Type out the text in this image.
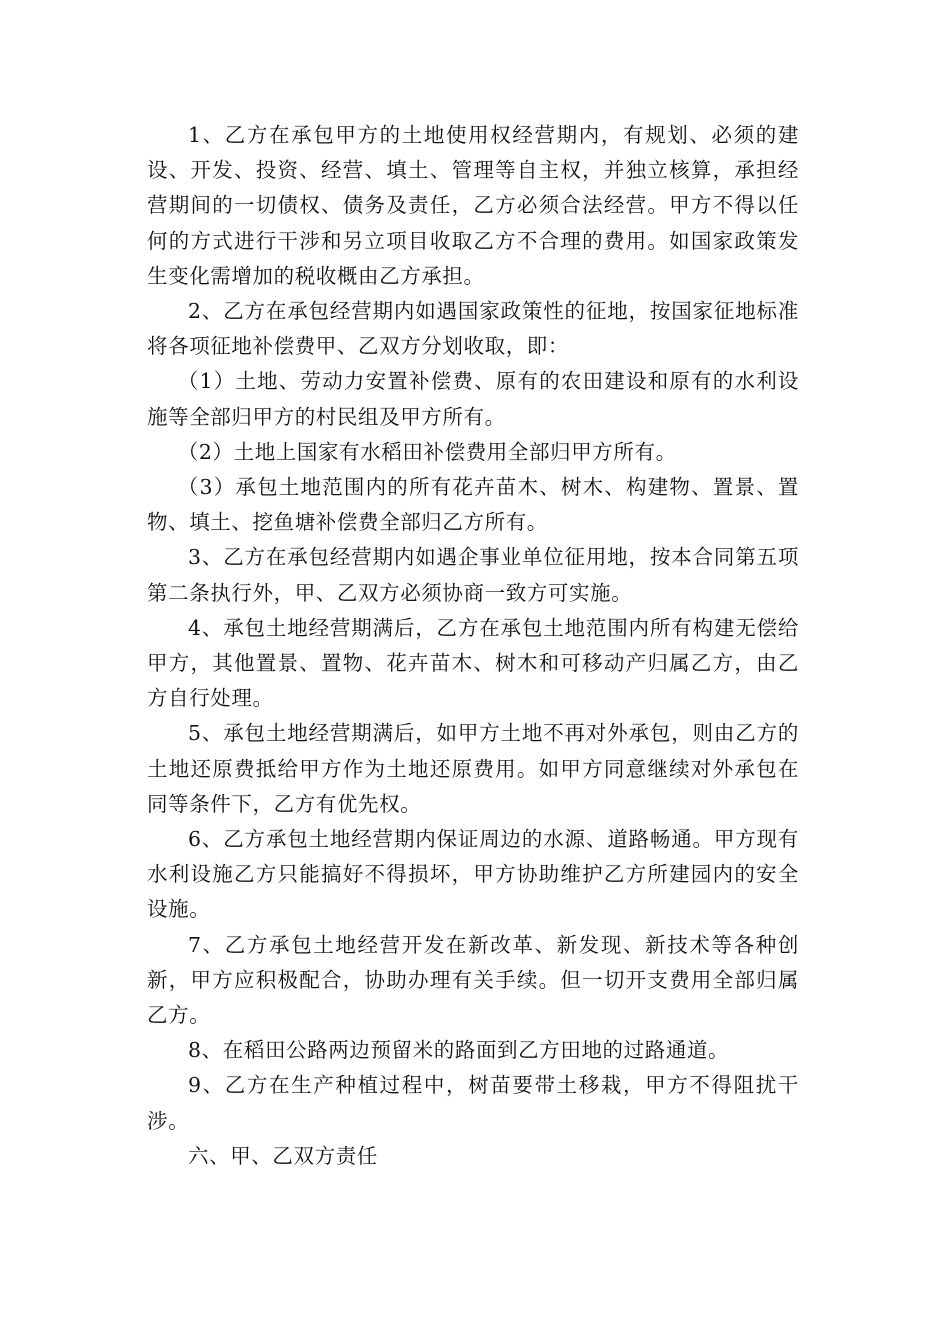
1、乙方在承包甲方的土地使用权经营期内，有规划、必须的建设、开发、投资、经营、填土、管理等自主权，并独立核算，承担经营期间的一切债权、债务及责任，乙方必须合法经营。甲方不得以任何的方式进行干涉和另立项目收取乙方不合理的费用。如国家政策发生变化需增加的税收概由乙方承担。

2、乙方在承包经营期内如遇国家政策性的征地，按国家征地标准将各项征地补偿费甲、乙双方分划收取，即：

（1）土地、劳动力安置补偿费、原有的农田建设和原有的水利设施等全部归甲方的村民组及甲方所有。

（2）土地上国家有水稻田补偿费用全部归甲方所有。

（3）承包土地范围内的所有花卉苗木、树木、构建物、置景、置物、填土、挖鱼塘补偿费全部归乙方所有。

3、乙方在承包经营期内如遇企事业单位征用地，按本合同第五项第二条执行外，甲、乙双方必须协商一致方可实施。

4、承包土地经营期满后，乙方在承包土地范围内所有构建无偿给甲方，其他置景、置物、花卉苗木、树木和可移动产归属乙方，由乙方自行处理。

5、承包土地经营期满后，如甲方土地不再对外承包，则由乙方的土地还原费抵给甲方作为土地还原费用。如甲方同意继续对外承包在同等条件下，乙方有优先权。

6、乙方承包土地经营期内保证周边的水源、道路畅通。甲方现有水利设施乙方只能搞好不得损坏，甲方协助维护乙方所建园内的安全设施。

7、乙方承包土地经营开发在新改革、新发现、新技术等各种创新，甲方应积极配合，协助办理有关手续。但一切开支费用全部归属乙方。

8、在稻田公路两边预留米的路面到乙方田地的过路通道。

9、乙方在生产种植过程中，树苗要带土移栽，甲方不得阻扰干涉。

六、甲、乙双方责任
